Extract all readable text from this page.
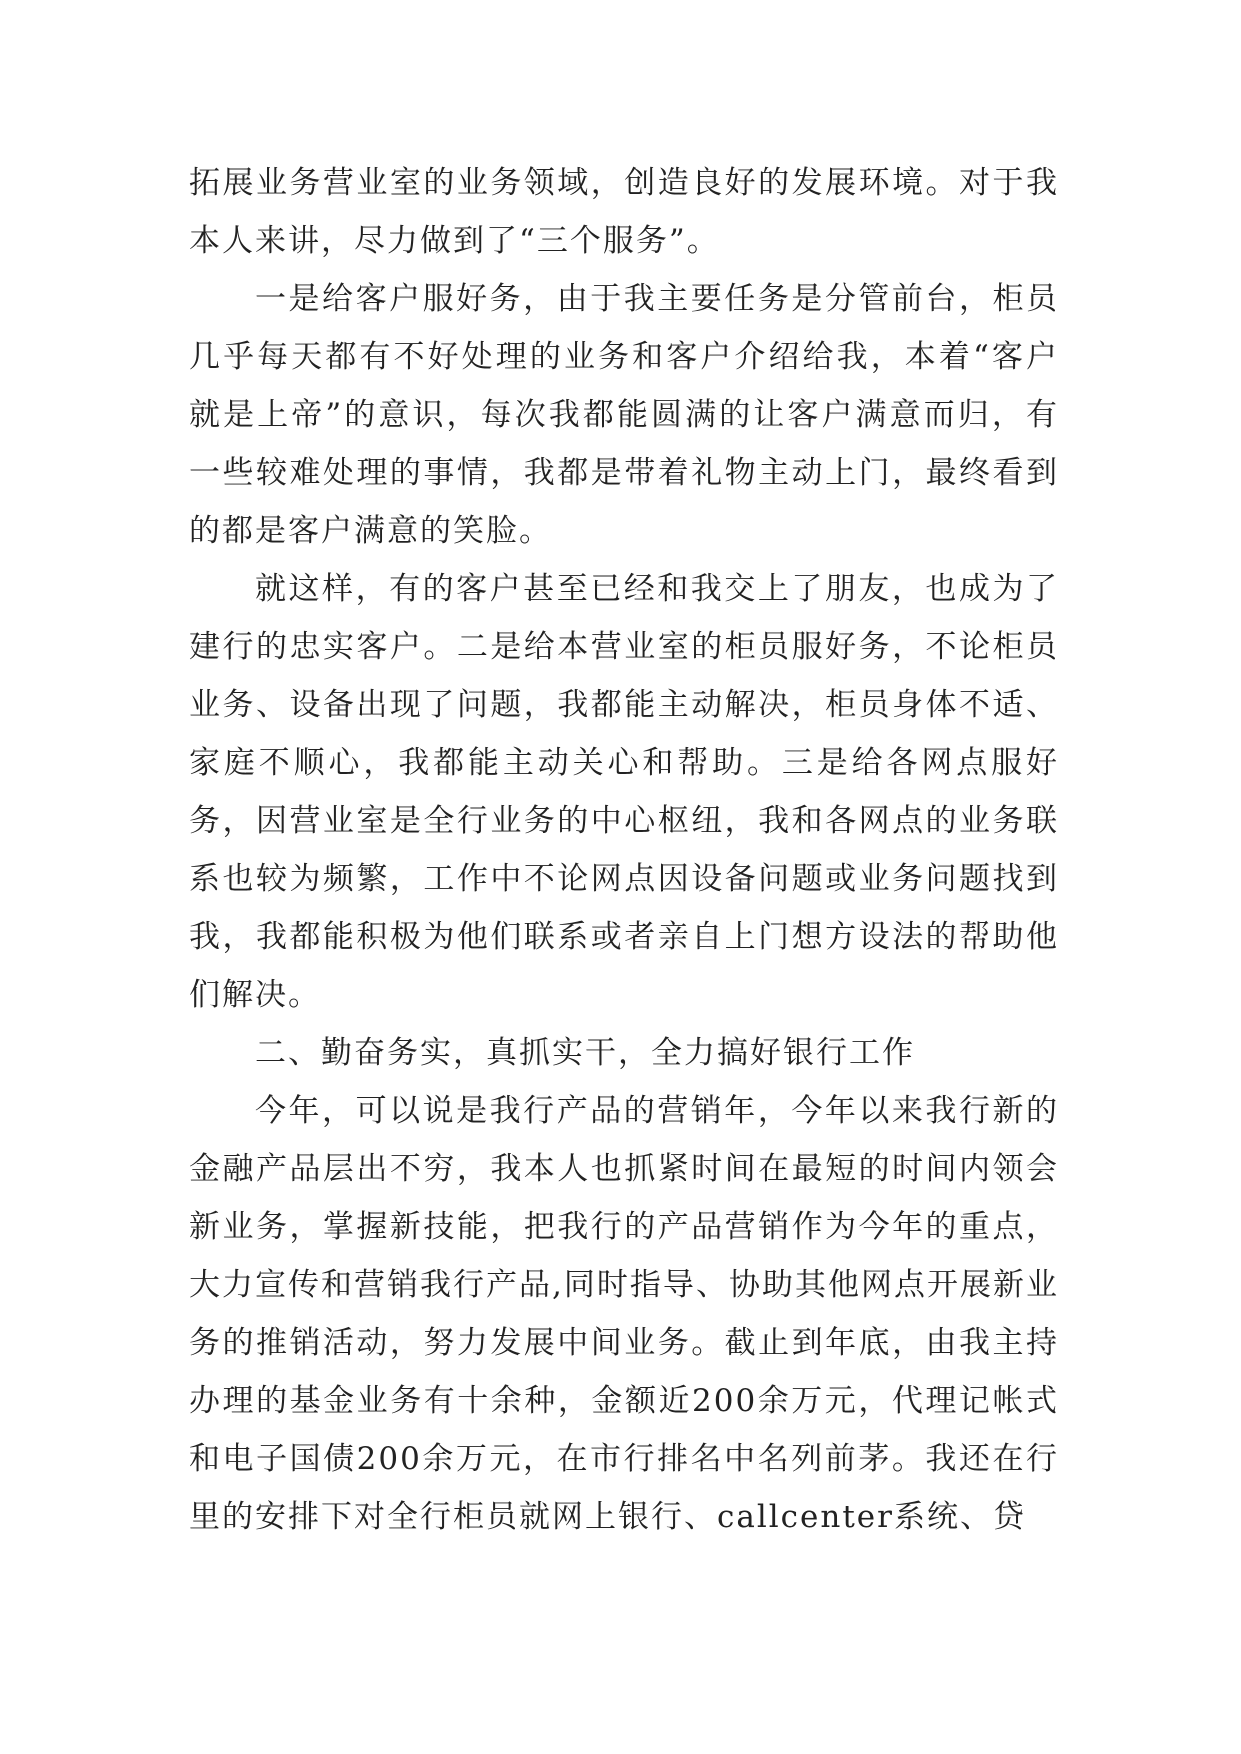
拓展业务营业室的业务领域，创造良好的发展环境。对于我本人来讲，尽力做到了“三个服务”。

一是给客户服好务，由于我主要任务是分管前台，柜员几乎每天都有不好处理的业务和客户介绍给我，本着“客户就是上帝”的意识，每次我都能圆满的让客户满意而归，有一些较难处理的事情，我都是带着礼物主动上门，最终看到的都是客户满意的笑脸。

就这样，有的客户甚至已经和我交上了朋友，也成为了建行的忠实客户。二是给本营业室的柜员服好务，不论柜员业务、设备出现了问题，我都能主动解决，柜员身体不适、家庭不顺心，我都能主动关心和帮助。三是给各网点服好务，因营业室是全行业务的中心枢纽，我和各网点的业务联系也较为频繁，工作中不论网点因设备问题或业务问题找到我，我都能积极为他们联系或者亲自上门想方设法的帮助他们解决。

二、勤奋务实，真抓实干，全力搞好银行工作

今年，可以说是我行产品的营销年，今年以来我行新的金融产品层出不穷，我本人也抓紧时间在最短的时间内领会新业务，掌握新技能，把我行的产品营销作为今年的重点，大力宣传和营销我行产品,同时指导、协助其他网点开展新业务的推销活动，努力发展中间业务。截止到年底，由我主持办理的基金业务有十余种，金额近200余万元，代理记帐式和电子国债200余万元，在市行排名中名列前茅。我还在行里的安排下对全行柜员就网上银行、callcenter系统、贷
